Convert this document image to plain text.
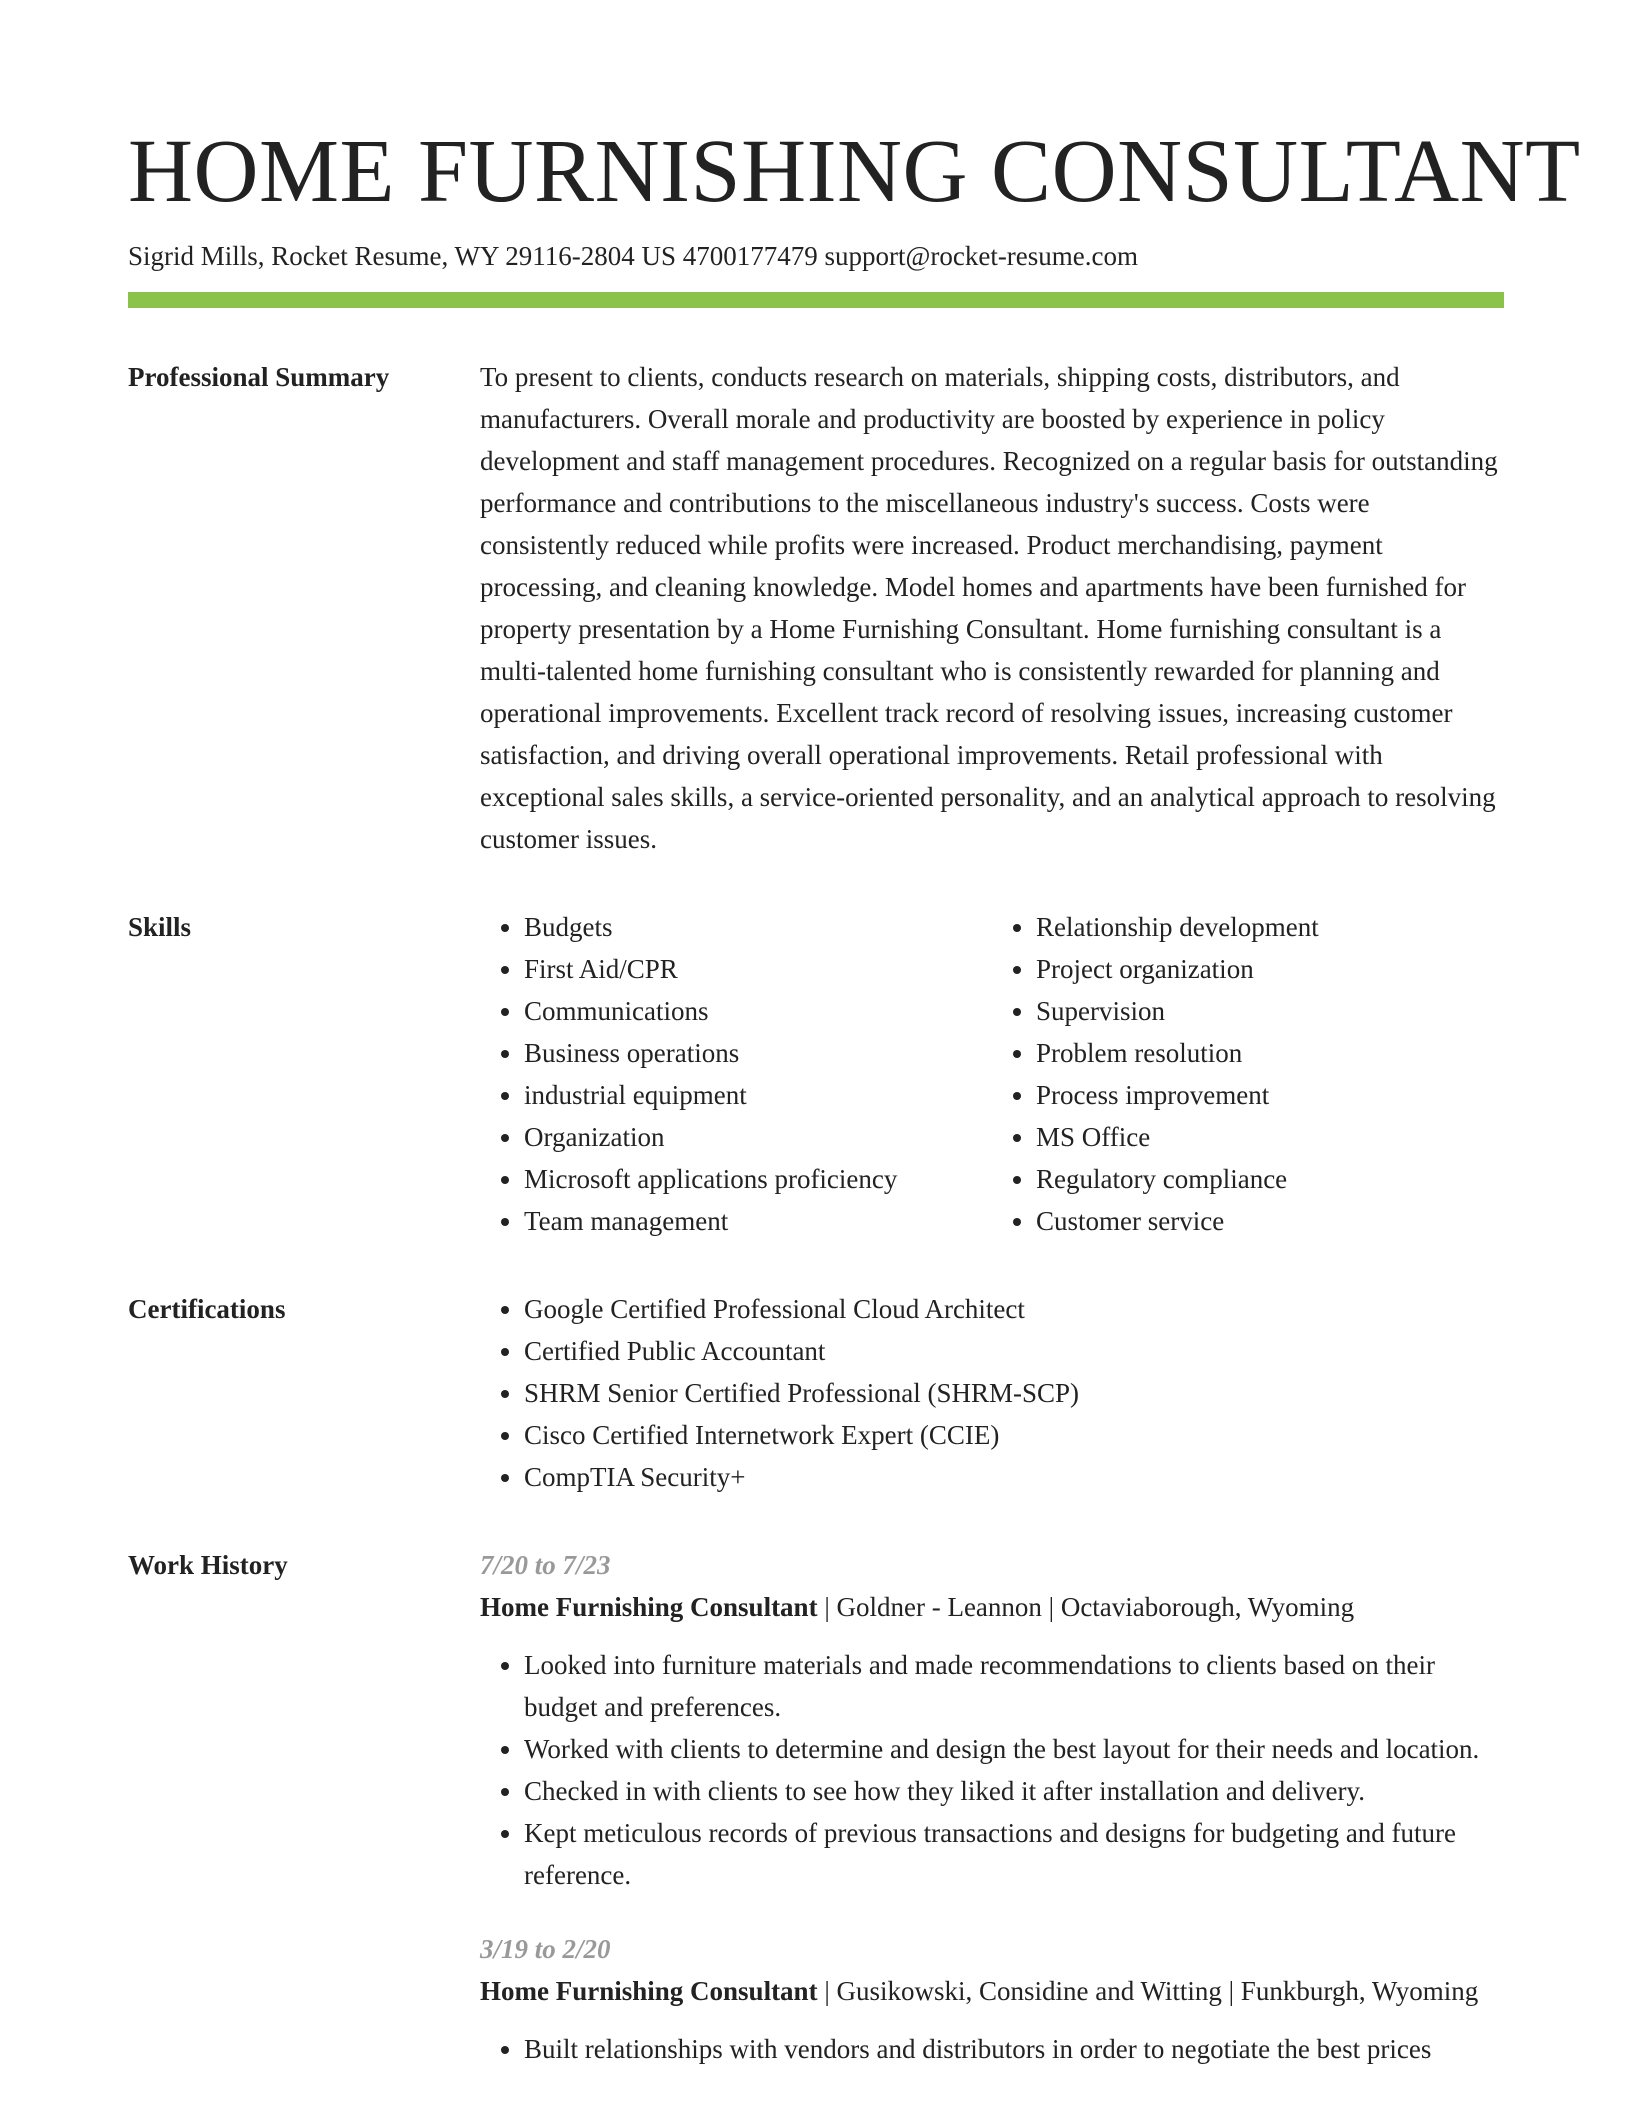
HOME FURNISHING CONSULTANT
Sigrid Mills, Rocket Resume, WY 29116-2804 US 4700177479 support@rocket-resume.com
Professional Summary	To present to clients, conducts research on materials, shipping costs, distributors, and manufacturers. Overall morale and productivity are boosted by experience in policy development and staff management procedures. Recognized on a regular basis for outstanding performance and contributions to the miscellaneous industry's success. Costs were consistently reduced while profits were increased. Product merchandising, payment processing, and cleaning knowledge. Model homes and apartments have been furnished for property presentation by a Home Furnishing Consultant. Home furnishing consultant is a multi-talented home furnishing consultant who is consistently rewarded for planning and operational improvements. Excellent track record of resolving issues, increasing customer satisfaction, and driving overall operational improvements. Retail professional with exceptional sales skills, a service-oriented personality, and an analytical approach to resolving customer issues.

Skills	• Budgets
• First Aid/CPR
• Communications
• Business operations
• industrial equipment
• Organization
• Microsoft applications proficiency
• Team management
• Relationship development
• Project organization
• Supervision
• Problem resolution
• Process improvement
• MS Office
• Regulatory compliance
• Customer service
Certifications	• Google Certified Professional Cloud Architect
• Certified Public Accountant
• SHRM Senior Certified Professional (SHRM-SCP)
• Cisco Certified Internetwork Expert (CCIE)
• CompTIA Security+
Work History	7/20 to 7/23
Home Furnishing Consultant | Goldner - Leannon | Octaviaborough, Wyoming
• Looked into furniture materials and made recommendations to clients based on their budget and preferences.
• Worked with clients to determine and design the best layout for their needs and location.
• Checked in with clients to see how they liked it after installation and delivery.
• Kept meticulous records of previous transactions and designs for budgeting and future reference.
3/19 to 2/20
Home Furnishing Consultant | Gusikowski, Considine and Witting | Funkburgh, Wyoming
• Built relationships with vendors and distributors in order to negotiate the best prices
